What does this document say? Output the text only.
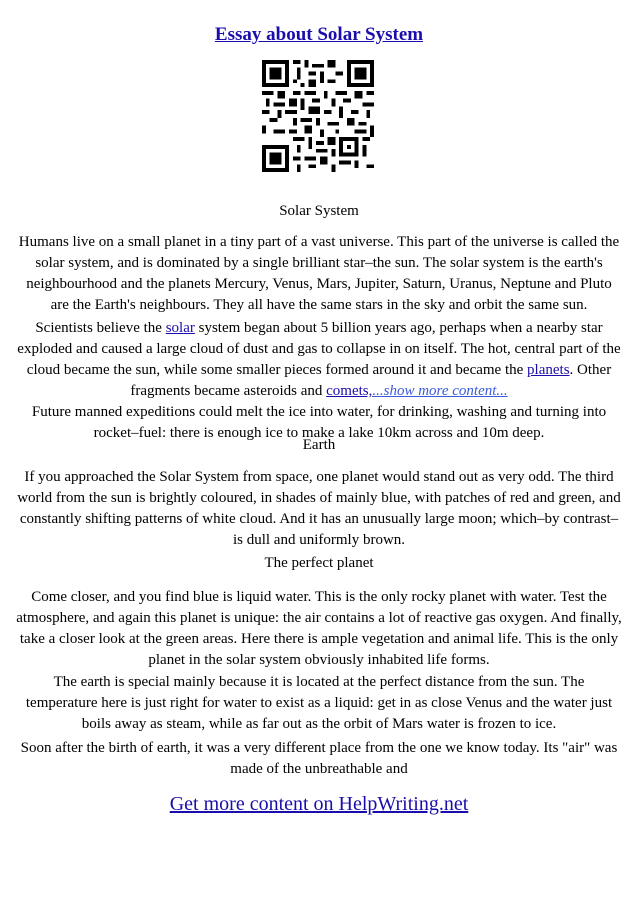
Essay about Solar System
Solar System
Humans live on a small planet in a tiny part of a vast universe. This part of the universe is called the solar system, and is dominated by a single brilliant star–the sun. The solar system is the earth's neighbourhood and the planets Mercury, Venus, Mars, Jupiter, Saturn, Uranus, Neptune and Pluto are the Earth's neighbours. They all have the same stars in the sky and orbit the same sun.
Scientists believe the solar system began about 5 billion years ago, perhaps when a nearby star exploded and caused a large cloud of dust and gas to collapse in on itself. The hot, central part of the cloud became the sun, while some smaller pieces formed around it and became the planets. Other fragments became asteroids and comets,...show more content...
Future manned expeditions could melt the ice into water, for drinking, washing and turning into rocket–fuel: there is enough ice to make a lake 10km across and 10m deep.
Earth
If you approached the Solar System from space, one planet would stand out as very odd. The third world from the sun is brightly coloured, in shades of mainly blue, with patches of red and green, and constantly shifting patterns of white cloud. And it has an unusually large moon; which–by contrast– is dull and uniformly brown.
The perfect planet
Come closer, and you find blue is liquid water. This is the only rocky planet with water. Test the atmosphere, and again this planet is unique: the air contains a lot of reactive gas oxygen. And finally, take a closer look at the green areas. Here there is ample vegetation and animal life. This is the only planet in the solar system obviously inhabited life forms.
The earth is special mainly because it is located at the perfect distance from the sun. The temperature here is just right for water to exist as a liquid: get in as close Venus and the water just boils away as steam, while as far out as the orbit of Mars water is frozen to ice.
Soon after the birth of earth, it was a very different place from the one we know today. Its "air" was made of the unbreathable and
Get more content on HelpWriting.net
